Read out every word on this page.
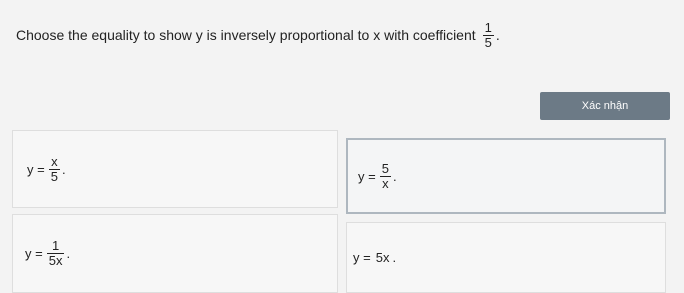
Choose the equality to show y is inversely proportional to x with coefficient $\frac{1}{5}$ .
Xác nhận
$y = \frac{x}{5}$ .	$y = \frac{5}{x}$ .
$y = \frac{1}{5x}$ .	y = 5x .
